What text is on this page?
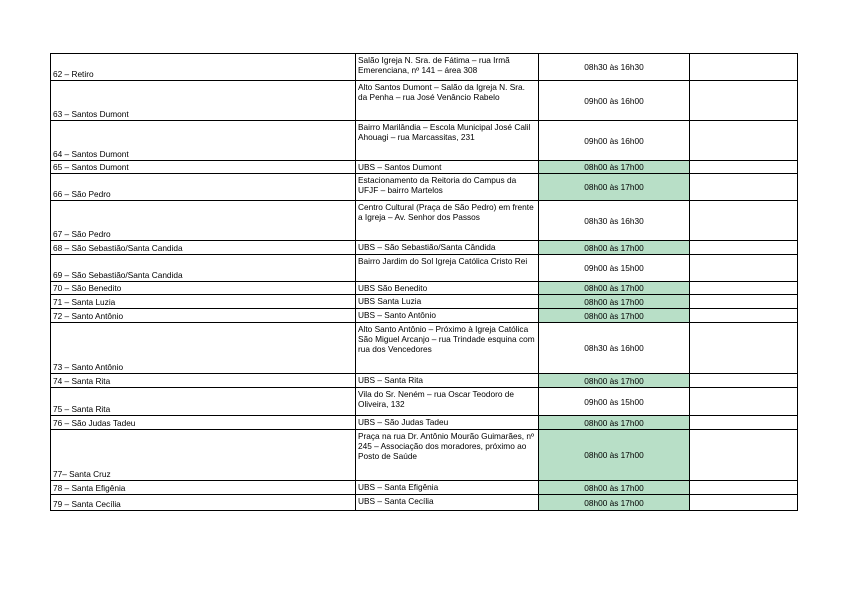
62 – Retiro	Salão Igreja N. Sra. de Fátima – rua Irmã Emerenciana, nº 141 – área 308	08h30 às 16h30	
63 – Santos Dumont	Alto Santos Dumont – Salão da Igreja N. Sra. da Penha – rua José Venâncio Rabelo	09h00 às 16h00	
64 – Santos Dumont	Bairro Marilândia – Escola Municipal José Calil Ahouagi – rua Marcassitas, 231	09h00 às 16h00	
65 – Santos Dumont	UBS – Santos Dumont	08h00 às 17h00	
66 – São Pedro	Estacionamento da Reitoria do Campus da UFJF – bairro Martelos	08h00 às 17h00	
67 – São Pedro	Centro Cultural (Praça de São Pedro) em frente a Igreja – Av. Senhor dos Passos	08h30 às 16h30	
68 – São Sebastião/Santa Candida	UBS – São Sebastião/Santa Cândida	08h00 às 17h00	
69 – São Sebastião/Santa Candida	Bairro Jardim do Sol Igreja Católica Cristo Rei	09h00 às 15h00	
70 – São Benedito	UBS São Benedito	08h00 às 17h00	
71 – Santa Luzia	UBS Santa Luzia	08h00 às 17h00	
72 – Santo Antônio	UBS – Santo Antônio	08h00 às 17h00	
73 – Santo Antônio	Alto Santo Antônio – Próximo à Igreja Católica São Miguel Arcanjo – rua Trindade esquina com rua dos Vencedores	08h30 às 16h00	
74 – Santa Rita	UBS – Santa Rita	08h00 às 17h00	
75 – Santa Rita	Vila do Sr. Neném – rua Oscar Teodoro de Oliveira, 132	09h00 às 15h00	
76 – São Judas Tadeu	UBS – São Judas Tadeu	08h00 às 17h00	
77– Santa Cruz	Praça na rua Dr. Antônio Mourão Guimarães, nº 245 – Associação dos moradores, próximo ao Posto de Saúde	08h00 às 17h00	
78 – Santa Efigênia	UBS – Santa Efigênia	08h00 às 17h00	
79 – Santa Cecília	UBS – Santa Cecília	08h00 às 17h00	
